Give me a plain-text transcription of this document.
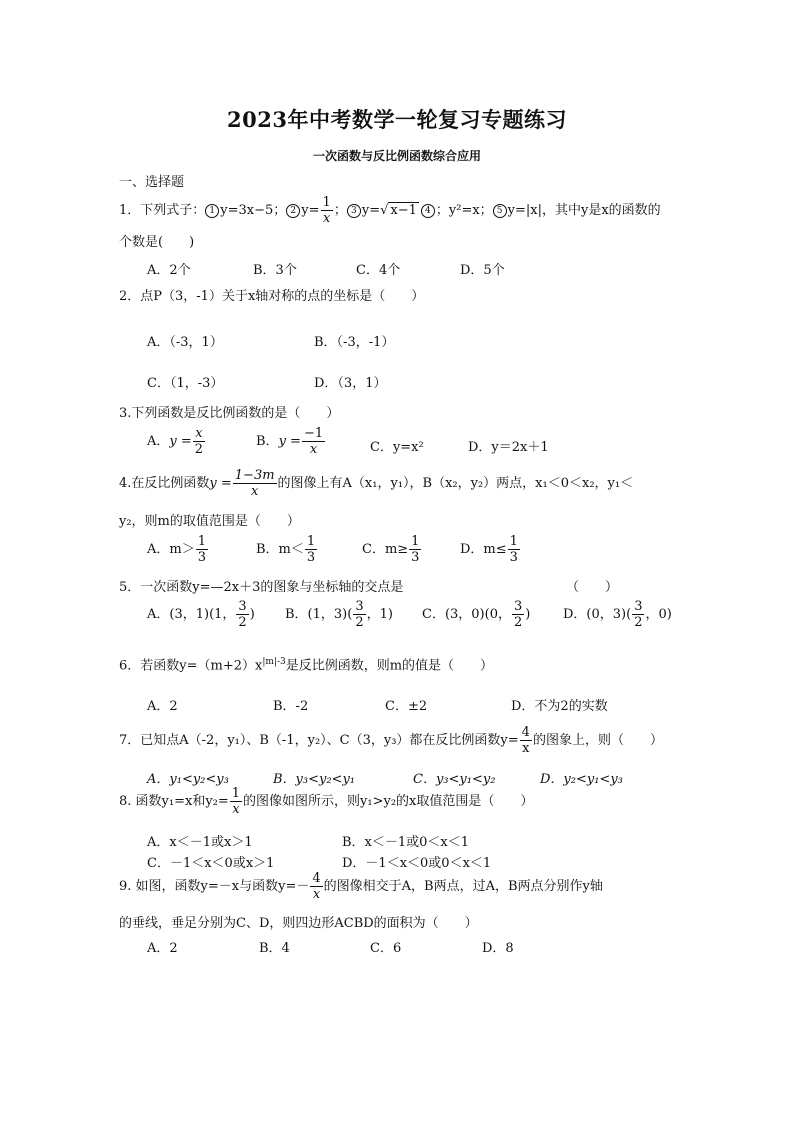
2023年中考数学一轮复习专题练习
一次函数与反比例函数综合应用
一、选择题
1．下列式子： 1 y=3x−5； 2 $y= \frac{1}{x}$ ； 3 y=√ x−1 4 ；y²=x； 5 y=|x|，其中y是x的函数的
个数是(　　)
A．2个	B．3个	C．4个	D．5个
2．点P（3，-1）关于x轴对称的点的坐标是（　　）
A．（-3，1）	B．（-3，-1）
C．（1，-3）	D．（3，1）
3.下列函数是反比例函数的是（　　）
A．$y = \frac{x}{2}$	B．$y = \frac{-1}{x}$	C．y=x²	D．y＝2x＋1
4.在反比例函数$y = \frac{1-3m}{x}$ 的图像上有A（x₁，y₁），B（x₂，y₂）两点，x₁＜0＜x₂，y₁＜
y₂，则m的取值范围是（　　）
A．$m> \frac{1}{3}$	B．$m< \frac{1}{3}$	C．$m\ge \frac{1}{3}$	D．$m\le \frac{1}{3}$
5．一次函数y=—2x＋3的图象与坐标轴的交点是	（　　）
A．(3，1)(1， $\frac{3}{2}$ ) B．(1，$3)( \frac{3}{2}$ ，1) C．(3，0)(0， $\frac{3}{2}$ )	D．(0，$3)( \frac{3}{2}$ ，0)
6．若函数$y=(m+2)x^{|m|-3}$是反比例函数，则m的值是（　　）
A．2	B．-2	C．±2	D．不为2的实数
7．已知点A（-2，y₁）、B（-1，y₂）、C（3，y₃）都在反比例函数$y= \frac{4}{x}$ 的图象上，则（　　）
A．y₁<y₂<y₃	B．y₃<y₂<y₁	C．y₃<y₁<y₂	D．y₂<y₁<y₃
8. 函数y₁=x和$y_2= \frac{1}{x}$ 的图像如图所示，则y₁>y₂的x取值范围是（　　）
A．x＜－1或x＞1	B．x＜－1或0＜x＜1
C．－1＜x＜0或x＞1	D．－1＜x＜0或0＜x＜1
9. 如图，函数y=－x与函数$y=- \frac{4}{x}$ 的图像相交于A，B两点，过A，B两点分别作y轴
的垂线，垂足分别为C、D，则四边形ACBD的面积为（　　）
A．2	B．4	C．6	D．8
